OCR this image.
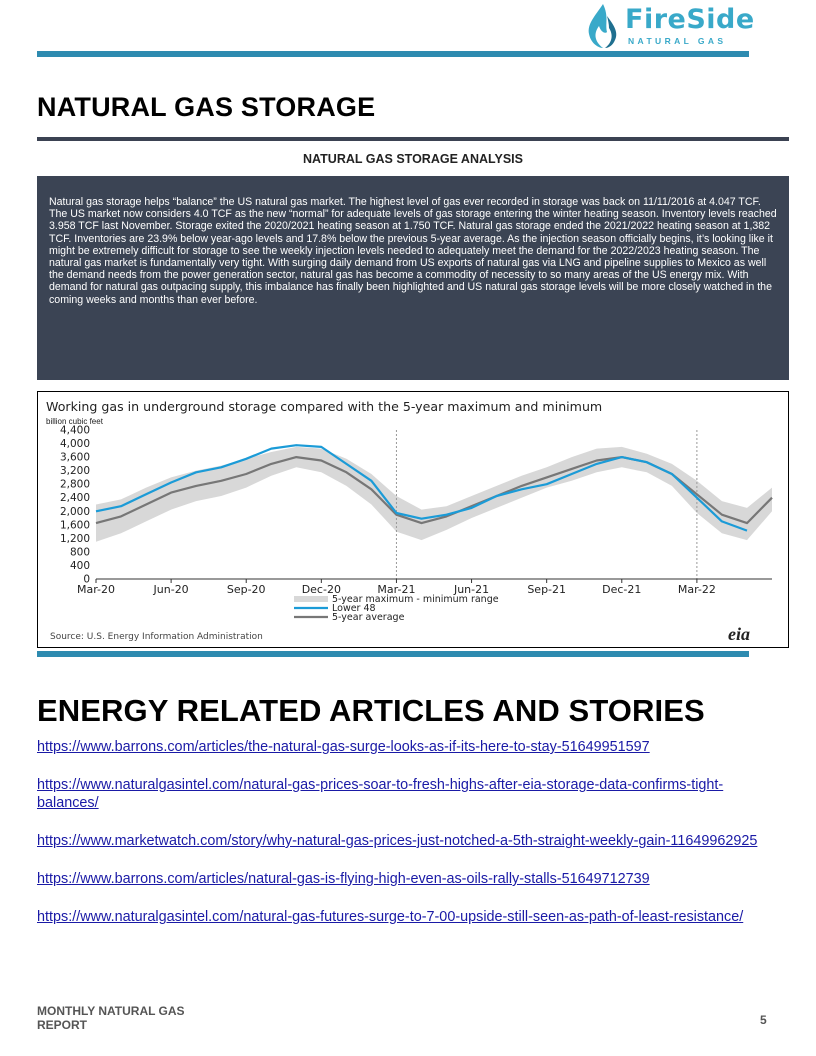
FireSide
NATURAL GAS
NATURAL GAS STORAGE
NATURAL GAS STORAGE ANALYSIS

Natural gas storage helps “balance” the US natural gas market. The highest level of gas ever recorded in storage was back on 11/11/2016 at 4.047 TCF. The US market now considers 4.0 TCF as the new “normal” for adequate levels of gas storage entering the winter heating season. Inventory levels reached 3.958 TCF last November. Storage exited the 2020/2021 heating season at 1.750 TCF. Natural gas storage ended the 2021/2022 heating season at 1,382 TCF. Inventories are 23.9% below year-ago levels and 17.8% below the previous 5-year average. As the injection season officially begins, it’s looking like it might be extremely difficult for storage to see the weekly injection levels needed to adequately meet the demand for the 2022/2023 heating season. The natural gas market is fundamentally very tight. With surging daily demand from US exports of natural gas via LNG and pipeline supplies to Mexico as well the demand needs from the power generation sector, natural gas has become a commodity of necessity to so many areas of the US energy mix. With demand for natural gas outpacing supply, this imbalance has finally been highlighted and US natural gas storage levels will be more closely watched in the coming weeks and months than ever before.

Working gas in underground storage compared with the 5-year maximum and minimum
billion cubic feet
0
400
800
1,200
1,600
2,000
2,400
2,800
3,200
3,600
4,000
4,400
Mar-20	Jun-20	Sep-20	Dec-20	Mar-21	Jun-21	Sep-21	Dec-21	Mar-22
5-year maximum - minimum range
Lower 48
5-year average
Source: U.S. Energy Information Administration	eia
ENERGY RELATED ARTICLES AND STORIES
https://www.barrons.com/articles/the-natural-gas-surge-looks-as-if-its-here-to-stay-51649951597
https://www.naturalgasintel.com/natural-gas-prices-soar-to-fresh-highs-after-eia-storage-data-confirms-tight-balances/
https://www.marketwatch.com/story/why-natural-gas-prices-just-notched-a-5th-straight-weekly-gain-11649962925
https://www.barrons.com/articles/natural-gas-is-flying-high-even-as-oils-rally-stalls-51649712739
https://www.naturalgasintel.com/natural-gas-futures-surge-to-7-00-upside-still-seen-as-path-of-least-resistance/
MONTHLY NATURAL GAS REPORT	5
